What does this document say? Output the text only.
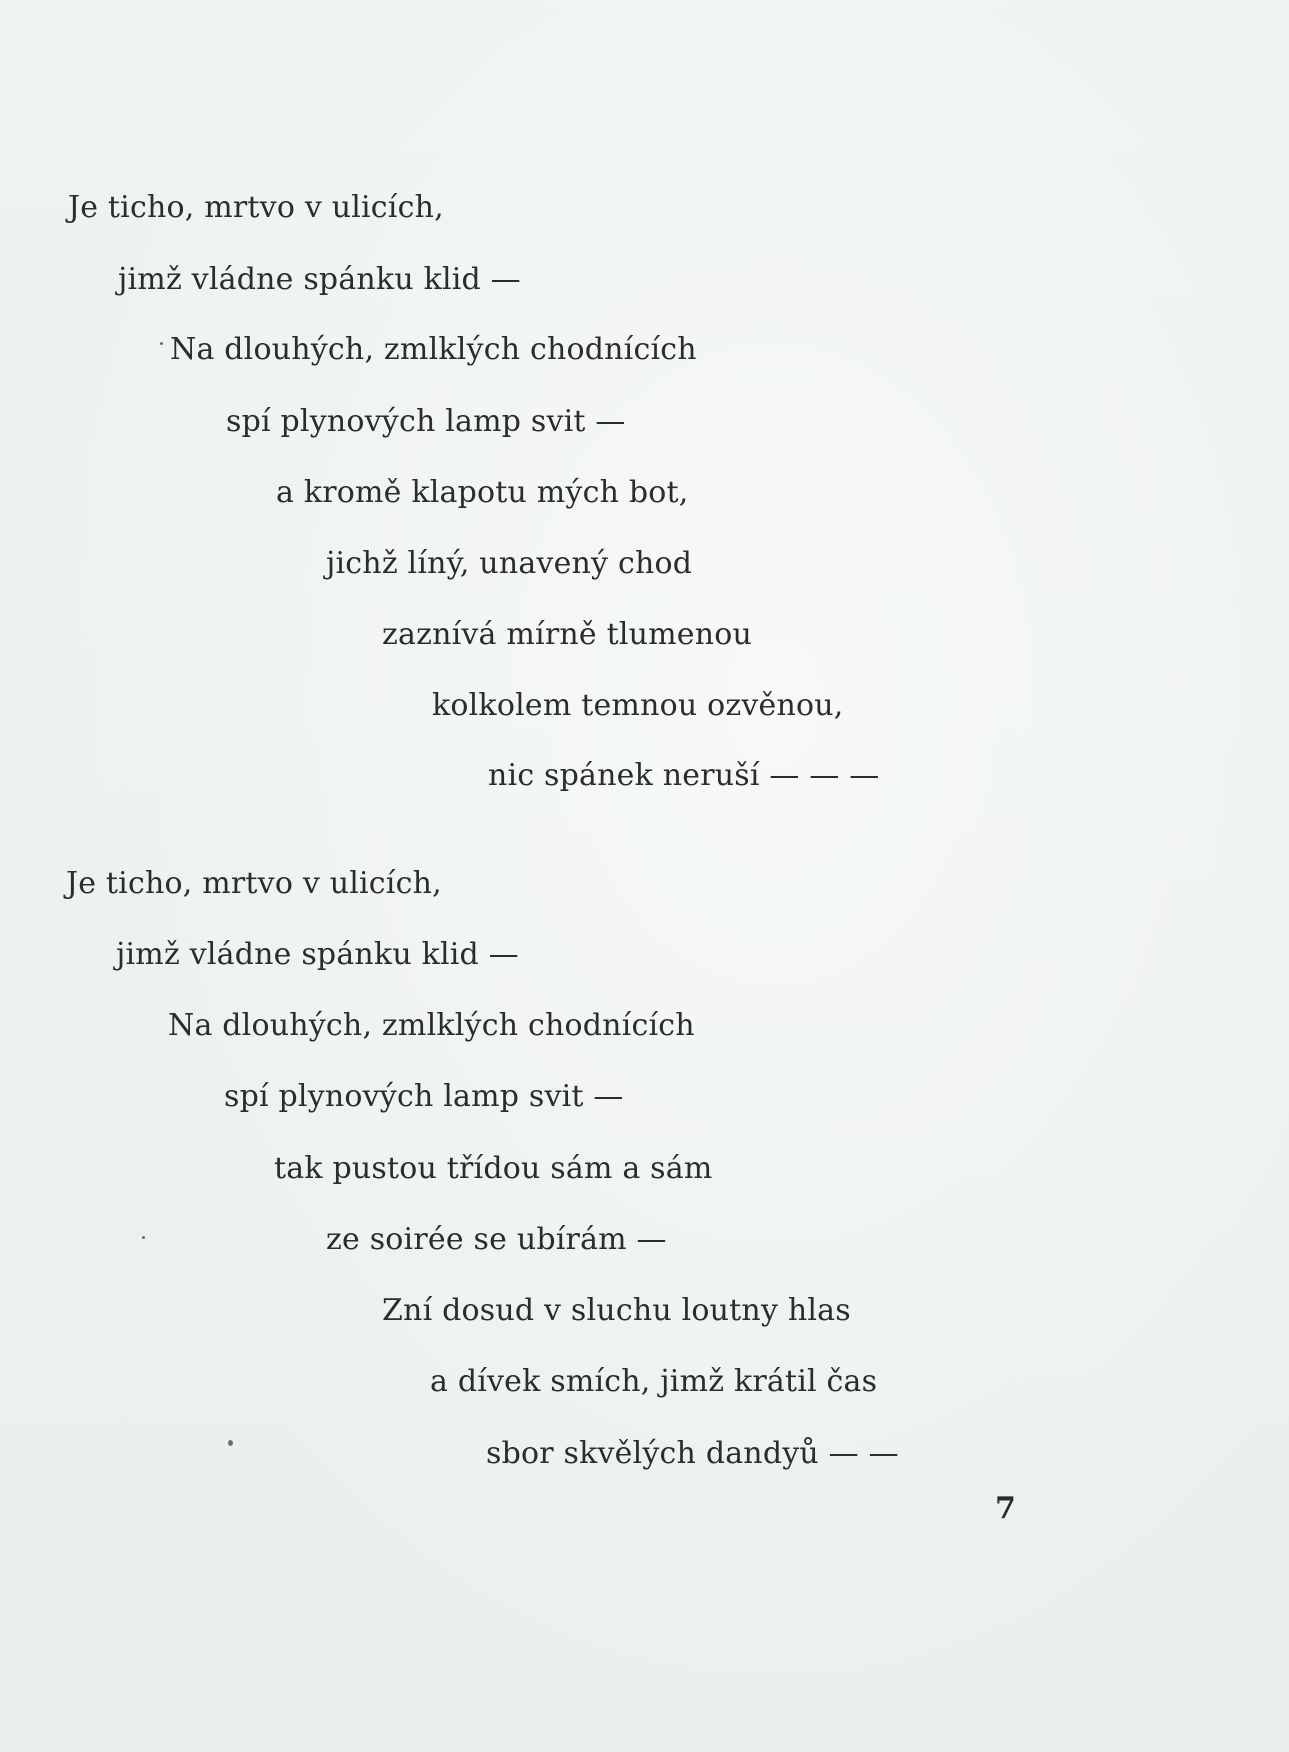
Je ticho, mrtvo v ulicích,
jimž vládne spánku klid —
Na dlouhých, zmlklých chodnících
spí plynových lamp svit —
a kromě klapotu mých bot,
jichž líný, unavený chod
zaznívá mírně tlumenou
kolkolem temnou ozvěnou,
nic spánek neruší — — —
Je ticho, mrtvo v ulicích,
jimž vládne spánku klid —
Na dlouhých, zmlklých chodnících
spí plynových lamp svit —
tak pustou třídou sám a sám
ze soirée se ubírám —
Zní dosud v sluchu loutny hlas
a dívek smích, jimž krátil čas
sbor skvělých dandyů — —
7
